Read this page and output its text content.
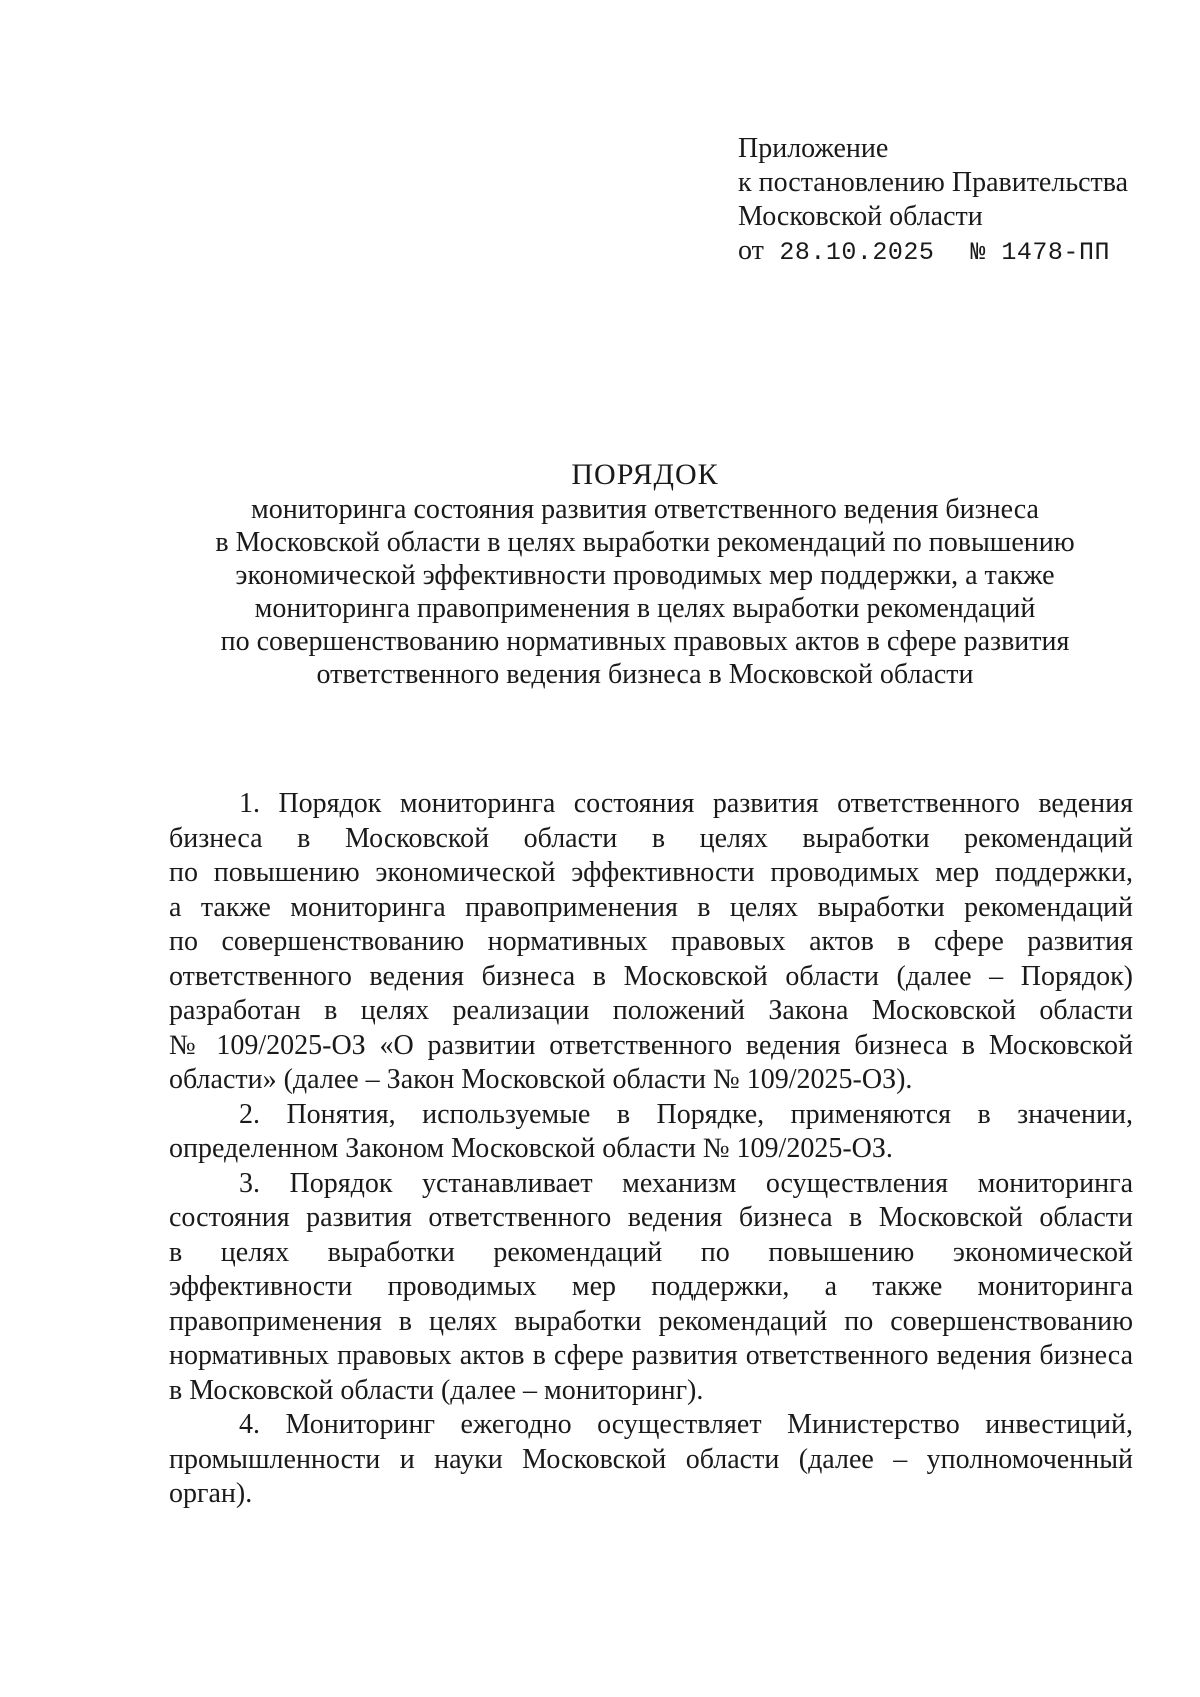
Приложение
к постановлению Правительства
Московской области
от 28.10.2025 № 1478-ПП
ПОРЯДОК
мониторинга состояния развития ответственного ведения бизнеса
в Московской области в целях выработки рекомендаций по повышению
экономической эффективности проводимых мер поддержки, а также
мониторинга правоприменения в целях выработки рекомендаций
по совершенствованию нормативных правовых актов в сфере развития
ответственного ведения бизнеса в Московской области
1. Порядок мониторинга состояния развития ответственного ведения
бизнеса в Московской области в целях выработки рекомендаций
по повышению экономической эффективности проводимых мер поддержки,
а также мониторинга правоприменения в целях выработки рекомендаций
по совершенствованию нормативных правовых актов в сфере развития
ответственного ведения бизнеса в Московской области (далее – Порядок)
разработан в целях реализации положений Закона Московской области
№ 109/2025-ОЗ «О развитии ответственного ведения бизнеса в Московской
области» (далее – Закон Московской области № 109/2025-ОЗ).
2. Понятия, используемые в Порядке, применяются в значении,
определенном Законом Московской области № 109/2025-ОЗ.
3. Порядок устанавливает механизм осуществления мониторинга
состояния развития ответственного ведения бизнеса в Московской области
в целях выработки рекомендаций по повышению экономической
эффективности проводимых мер поддержки, а также мониторинга
правоприменения в целях выработки рекомендаций по совершенствованию
нормативных правовых актов в сфере развития ответственного ведения бизнеса
в Московской области (далее – мониторинг).
4. Мониторинг ежегодно осуществляет Министерство инвестиций,
промышленности и науки Московской области (далее – уполномоченный
орган).
